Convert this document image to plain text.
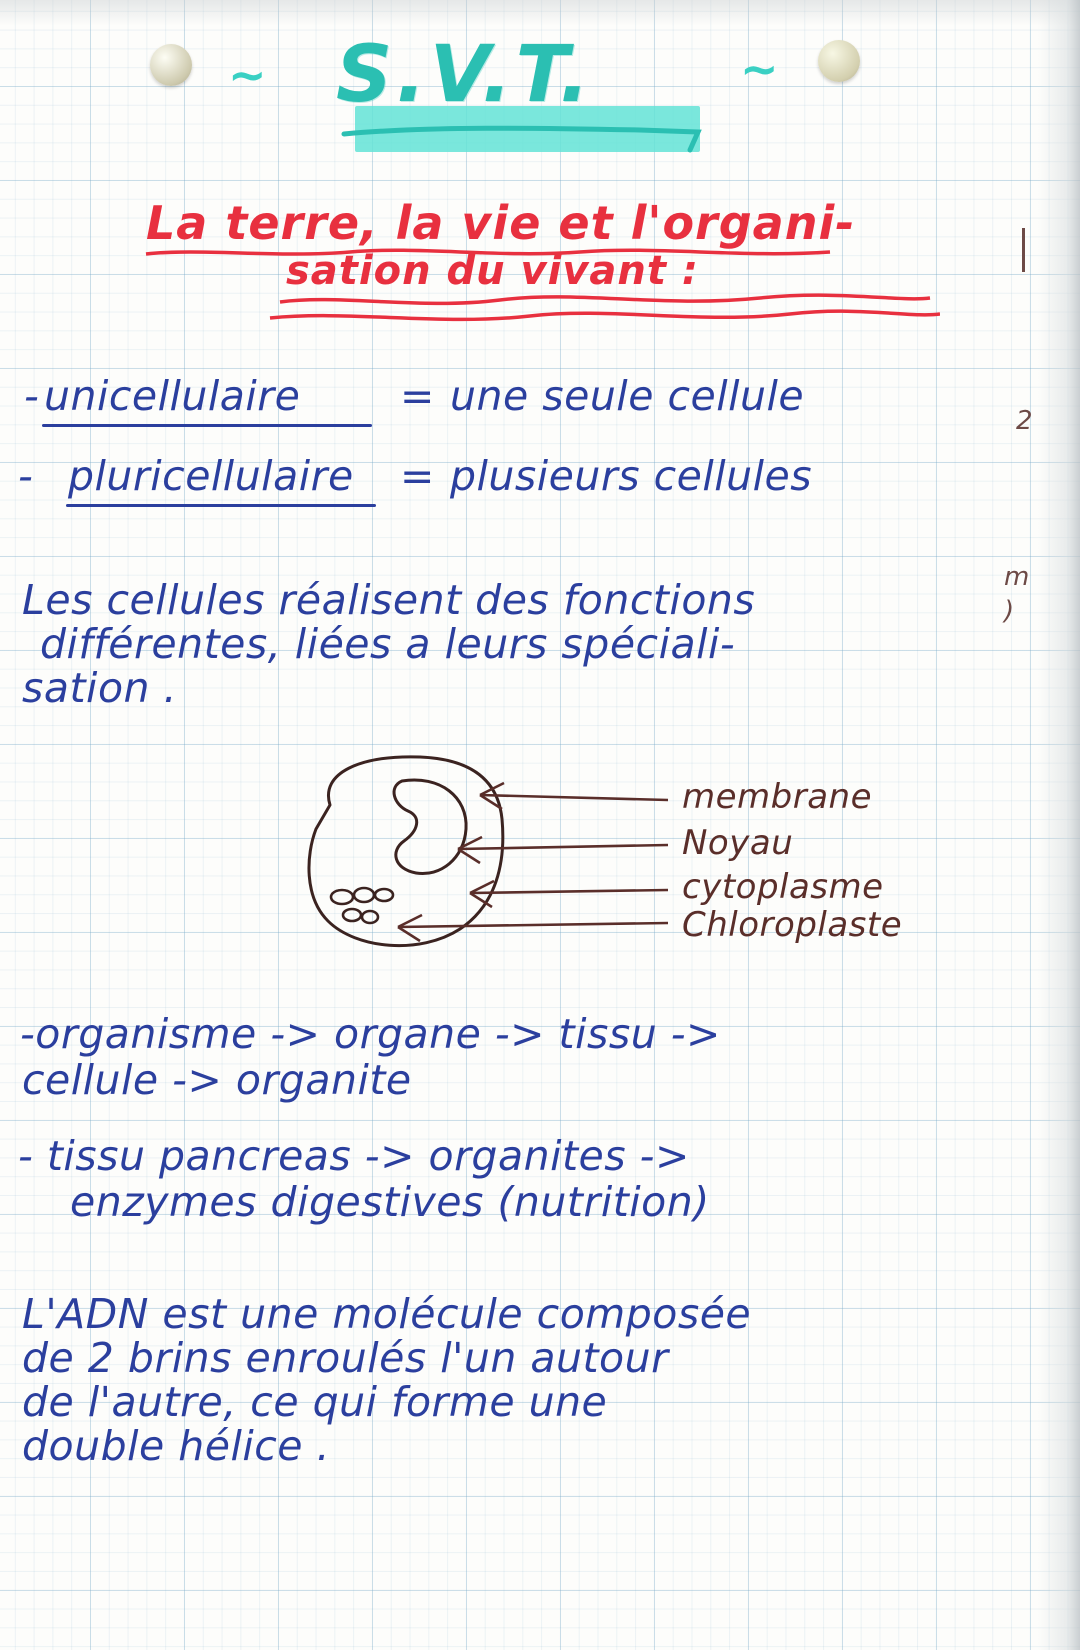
~	~
S.V.T.
La terre, la vie et l'organi-
sation du vivant :
- unicellulaire = une seule cellule
- pluricellulaire = plusieurs cellules
Les cellules réalisent des fonctions
différentes, liées a leurs spéciali-
sation .
membrane
Noyau
cytoplasme
Chloroplaste
-organisme -> organe -> tissu ->
cellule -> organite
- tissu pancreas -> organites ->
enzymes digestives (nutrition)
L'ADN est une molécule composée
de 2 brins enroulés l'un autour
de l'autre, ce qui forme une
double hélice .
2
m
)
